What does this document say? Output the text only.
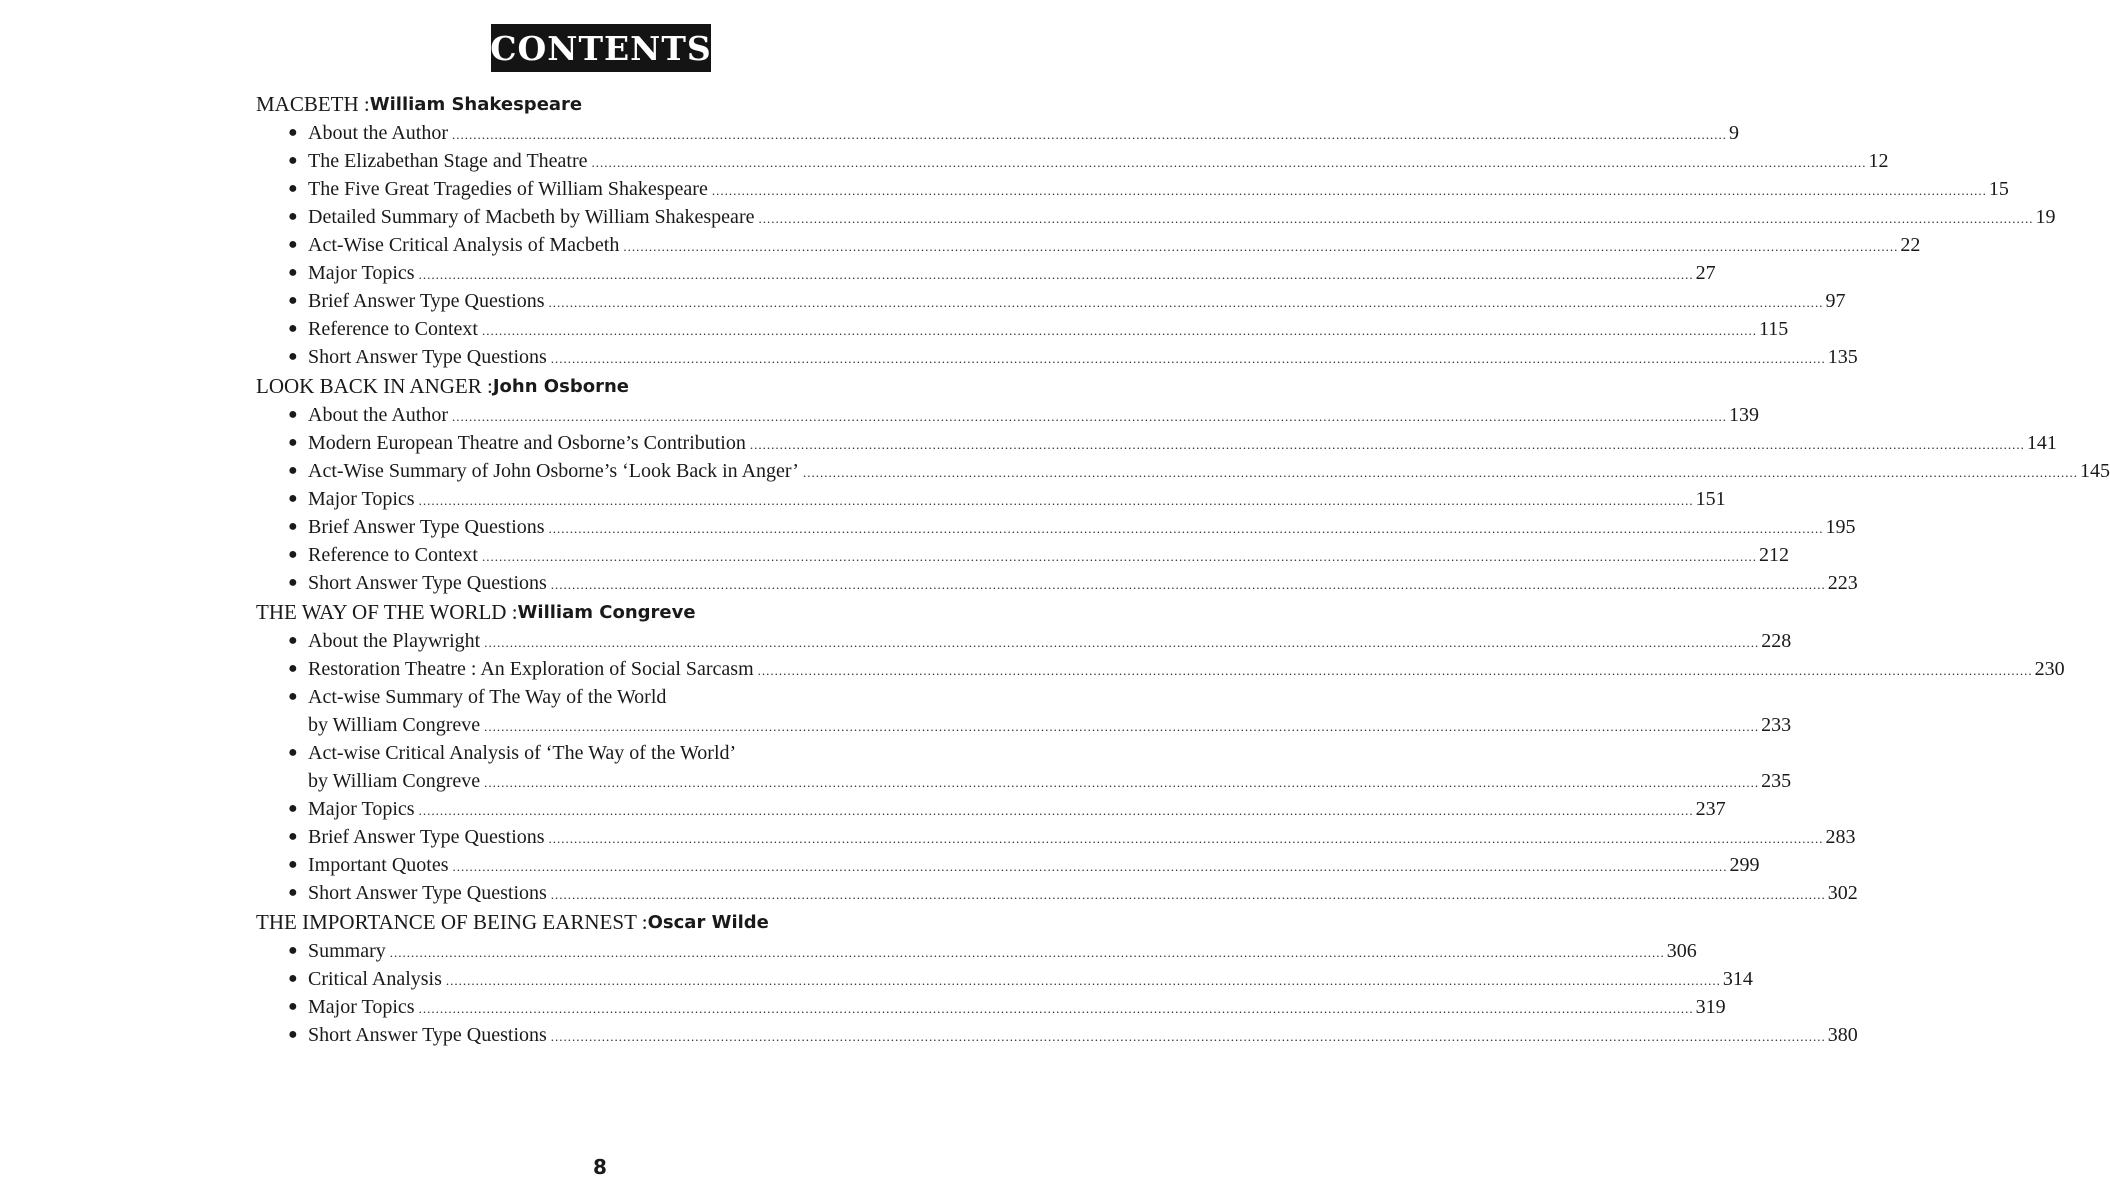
CONTENTS
MACBETH : William Shakespeare
● About the Author ............................................................................................................................................................................................................................................................................................................ 9
● The Elizabethan Stage and Theatre ............................................................................................................................................................................................................................................................................................................ 12
● The Five Great Tragedies of William Shakespeare ............................................................................................................................................................................................................................................................................................................ 15
● Detailed Summary of Macbeth by William Shakespeare ............................................................................................................................................................................................................................................................................................................ 19
● Act-Wise Critical Analysis of Macbeth ............................................................................................................................................................................................................................................................................................................ 22
● Major Topics ............................................................................................................................................................................................................................................................................................................ 27
● Brief Answer Type Questions ............................................................................................................................................................................................................................................................................................................ 97
● Reference to Context ............................................................................................................................................................................................................................................................................................................ 115
● Short Answer Type Questions ............................................................................................................................................................................................................................................................................................................ 135
LOOK BACK IN ANGER : John Osborne
● About the Author ............................................................................................................................................................................................................................................................................................................ 139
● Modern European Theatre and Osborne’s Contribution ............................................................................................................................................................................................................................................................................................................ 141
● Act-Wise Summary of John Osborne’s ‘Look Back in Anger’ ............................................................................................................................................................................................................................................................................................................ 145
● Major Topics ............................................................................................................................................................................................................................................................................................................ 151
● Brief Answer Type Questions ............................................................................................................................................................................................................................................................................................................ 195
● Reference to Context ............................................................................................................................................................................................................................................................................................................ 212
● Short Answer Type Questions ............................................................................................................................................................................................................................................................................................................ 223
THE WAY OF THE WORLD : William Congreve
● About the Playwright ............................................................................................................................................................................................................................................................................................................ 228
● Restoration Theatre : An Exploration of Social Sarcasm ............................................................................................................................................................................................................................................................................................................ 230
● Act-wise Summary of The Way of the World
by William Congreve ............................................................................................................................................................................................................................................................................................................ 233
● Act-wise Critical Analysis of ‘The Way of the World’
by William Congreve ............................................................................................................................................................................................................................................................................................................ 235
● Major Topics ............................................................................................................................................................................................................................................................................................................ 237
● Brief Answer Type Questions ............................................................................................................................................................................................................................................................................................................ 283
● Important Quotes ............................................................................................................................................................................................................................................................................................................ 299
● Short Answer Type Questions ............................................................................................................................................................................................................................................................................................................ 302
THE IMPORTANCE OF BEING EARNEST : Oscar Wilde
● Summary ............................................................................................................................................................................................................................................................................................................ 306
● Critical Analysis ............................................................................................................................................................................................................................................................................................................ 314
● Major Topics ............................................................................................................................................................................................................................................................................................................ 319
● Short Answer Type Questions ............................................................................................................................................................................................................................................................................................................ 380
8
